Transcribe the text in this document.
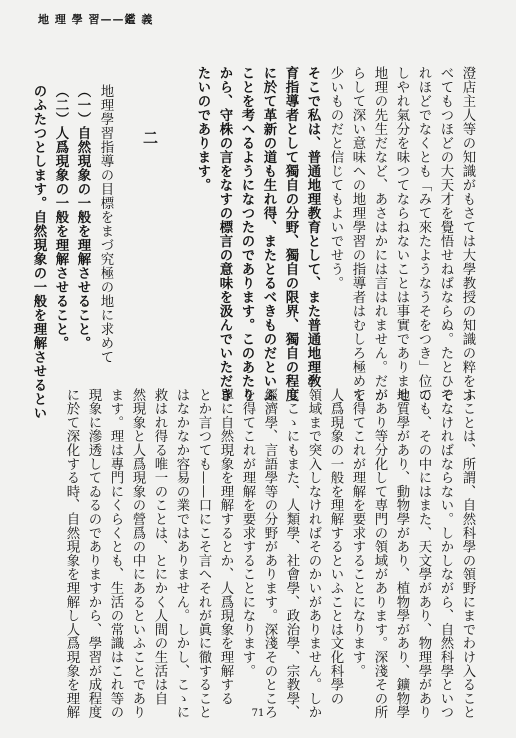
地 理 學 習——鑑 義

澄店主人等の知識がもさては大學教授の知識の粹をす

べてもつほどの大天才を覺悟せねばならぬ。たとひそ

れほどでなくとも「みて來たようなうそをつき」位の

しやれ氣分を味つてならねないことは事實でありませ

地理の先生だなど、あさはかには言はれません。だか

らして深い意味への地理學習の指導者はむしろ極めて

少いものだと信じてもよいでせう。

そこで私は、普通地理教育として、また普通地理敎

育指導者として獨自の分野、獨自の限界、獨自の程度

に於て革新の道も生れ得、またとるべきものだといふ

ことを考へるようになつたのであります。このあたり

から、守株の言をなすの標言の意味を汲んでいただき

たいのであります。

二

地理學習指導の目標をまづ究極の地に求めて

（一）自然現象の一般を理解させること。

（二）人爲現象の一般を理解させること。

のふたつとします。自然現象の一般を理解させるとい

ふことは、所謂、自然科學の領野にまでわけ入ること

でなければならない。しかしながら、自然科學といつ

ても、その中にはまた、天文學があり、物理學があり

地質學があり、動物學があり、植物學があり、鑛物學

があり等分化して専門の領域があります。深淺その所

を得てこれが理解を要求することになります。

人爲現象の一般を理解するといふことは文化科學の

領域まで突入しなければそのかいがありません。しか

しこゝにもまた、人類學、社會學、政治學、宗教學、

經濟學、言語學等の分野があります。深淺そのところ

を得てこれが理解を要求することになります。

單に自然現象を理解するとか、人爲現象を理解する

とか言つても——口にこそ言へそれが眞に徹すること

はなかなか容易の業ではありません。しかし、こゝに

救はれ得る唯一のことは、とにかく人間の生活は自

然現象と人爲現象の營爲の中にあるといふことであり

ます。理は專門にくらくとも、生活の常識はこれ等の

現象に滲透してゐるのでありますから、學習が成程度

に於て深化する時、自然現象を理解し人爲現象を理解	71
